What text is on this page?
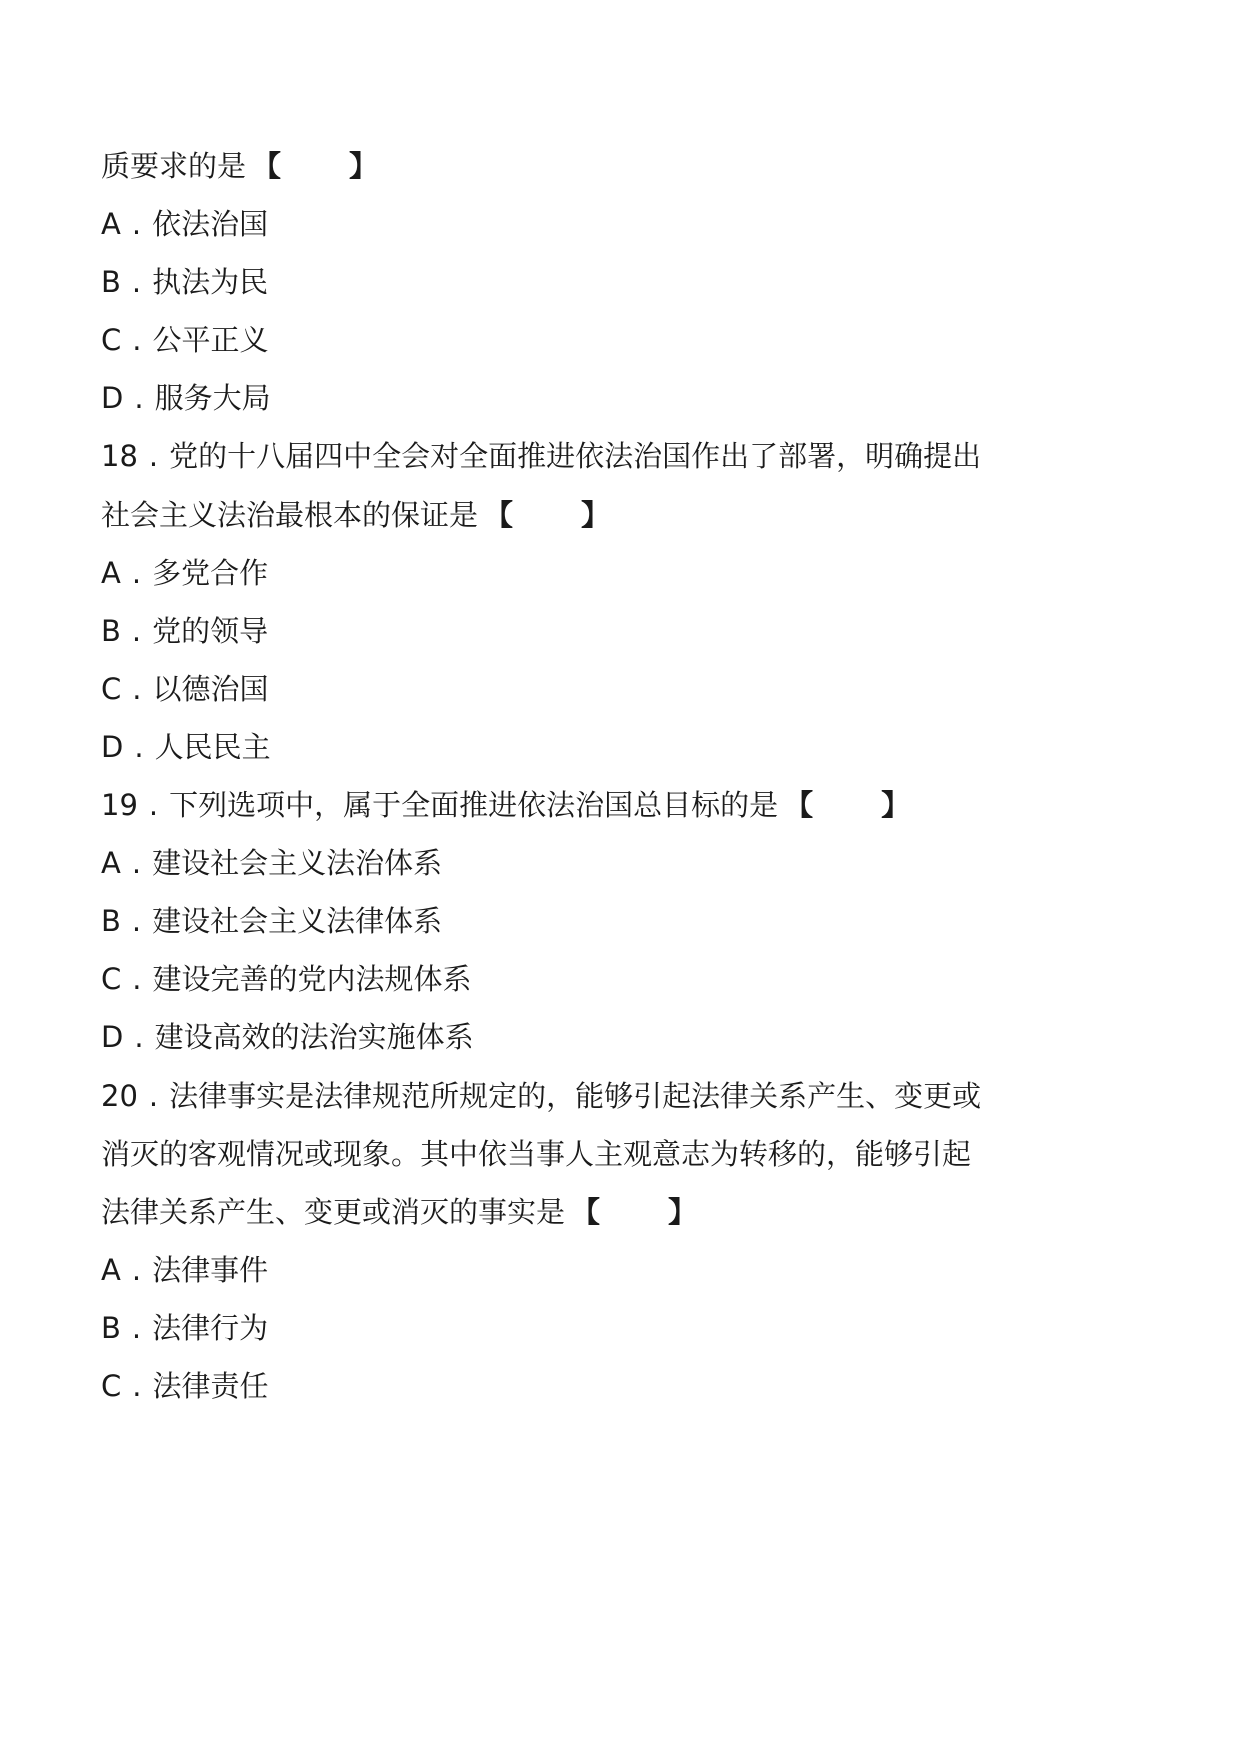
质要求的是 【 】
A . 依法治国
B . 执法为民
C . 公平正义
D . 服务大局
18 . 党的十八届四中全会对全面推进依法治国作出了部署，明确提出
社会主义法治最根本的保证是 【 】
A . 多党合作
B . 党的领导
C . 以德治国
D . 人民民主
19 . 下列选项中，属于全面推进依法治国总目标的是 【 】
A . 建设社会主义法治体系
B . 建设社会主义法律体系
C . 建设完善的党内法规体系
D . 建设高效的法治实施体系
20 . 法律事实是法律规范所规定的，能够引起法律关系产生、变更或
消灭的客观情况或现象。其中依当事人主观意志为转移的，能够引起
法律关系产生、变更或消灭的事实是 【 】
A . 法律事件
B . 法律行为
C . 法律责任
